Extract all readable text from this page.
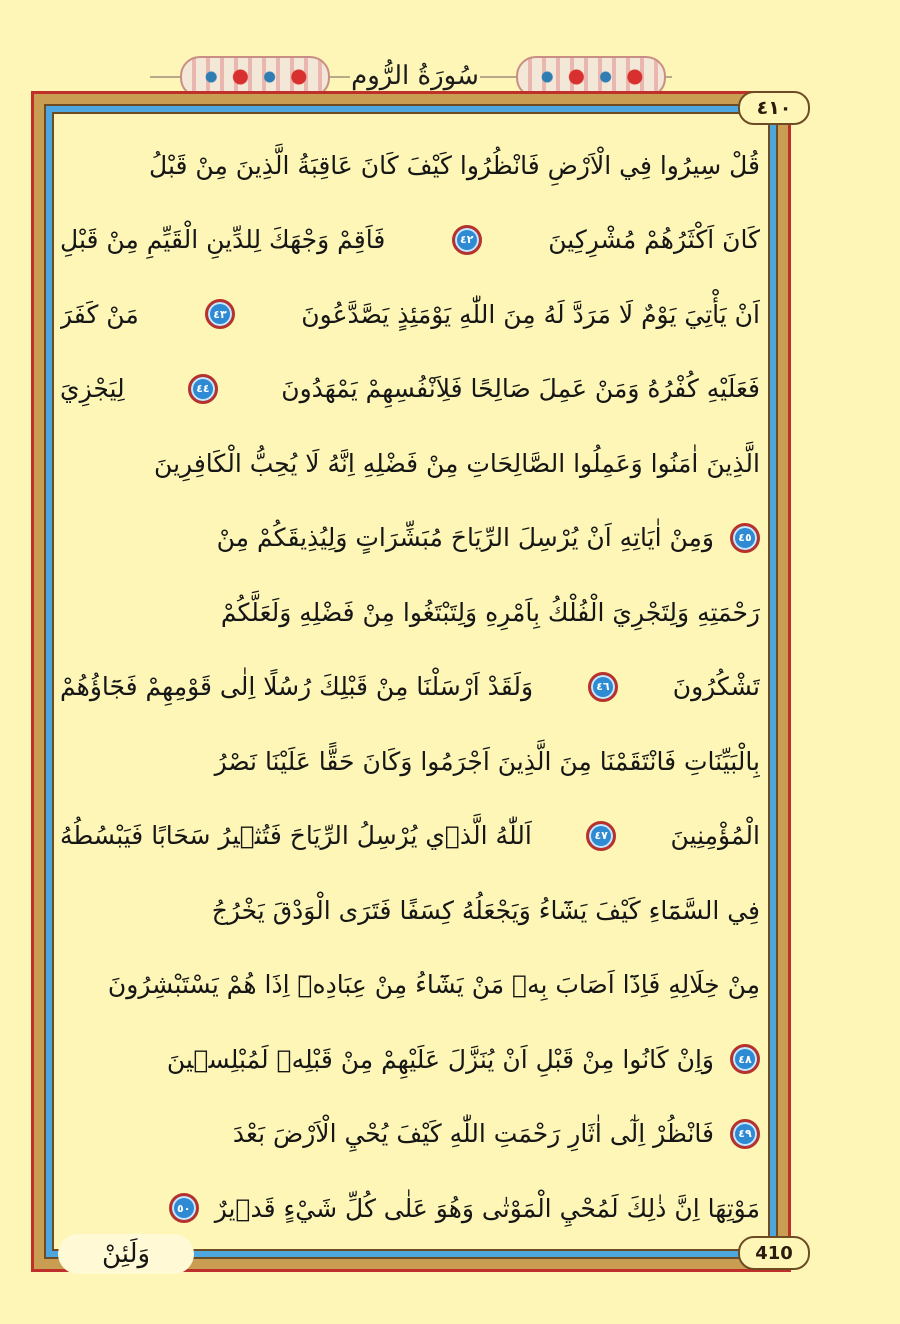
سُورَةُ الرُّومِ
٤١٠
قُلْ سِيرُوا فِي الْاَرْضِ فَانْظُرُوا كَيْفَ كَانَ عَاقِبَةُ الَّذِينَ مِنْ قَبْلُ
كَانَ اَكْثَرُهُمْ مُشْرِكِينَ
٤٢
فَاَقِمْ وَجْهَكَ لِلدِّينِ الْقَيِّمِ مِنْ قَبْلِ
اَنْ يَأْتِيَ يَوْمٌ لَا مَرَدَّ لَهُ مِنَ اللّٰهِ يَوْمَئِذٍ يَصَّدَّعُونَ
٤٣
مَنْ كَفَرَ
فَعَلَيْهِ كُفْرُهُ وَمَنْ عَمِلَ صَالِحًا فَلِاَنْفُسِهِمْ يَمْهَدُونَ
٤٤
لِيَجْزِيَ
الَّذِينَ اٰمَنُوا وَعَمِلُوا الصَّالِحَاتِ مِنْ فَضْلِهِ اِنَّهُ لَا يُحِبُّ الْكَافِرِينَ
٤٥
وَمِنْ اٰيَاتِهِ اَنْ يُرْسِلَ الرِّيَاحَ مُبَشِّرَاتٍ وَلِيُذِيقَكُمْ مِنْ
رَحْمَتِهِ وَلِتَجْرِيَ الْفُلْكُ بِاَمْرِهِ وَلِتَبْتَغُوا مِنْ فَضْلِهِ وَلَعَلَّكُمْ
تَشْكُرُونَ
٤٦
وَلَقَدْ اَرْسَلْنَا مِنْ قَبْلِكَ رُسُلًا اِلٰى قَوْمِهِمْ فَجَٓاؤُهُمْ
بِالْبَيِّنَاتِ فَانْتَقَمْنَا مِنَ الَّذِينَ اَجْرَمُوا وَكَانَ حَقًّا عَلَيْنَا نَصْرُ
الْمُؤْمِنِينَ
٤٧
اَللّٰهُ الَّذ۪ي يُرْسِلُ الرِّيَاحَ فَتُث۪يرُ سَحَابًا فَيَبْسُطُهُ
فِي السَّمَٓاءِ كَيْفَ يَشَٓاءُ وَيَجْعَلُهُ كِسَفًا فَتَرَى الْوَدْقَ يَخْرُجُ
مِنْ خِلَالِهِ فَاِذَٓا اَصَابَ بِه۪ مَنْ يَشَٓاءُ مِنْ عِبَادِه۪ٓ اِذَا هُمْ يَسْتَبْشِرُونَ
٤٨
وَاِنْ كَانُوا مِنْ قَبْلِ اَنْ يُنَزَّلَ عَلَيْهِمْ مِنْ قَبْلِه۪ لَمُبْلِس۪ينَ
٤٩
فَانْظُرْ اِلٰٓى اٰثَارِ رَحْمَتِ اللّٰهِ كَيْفَ يُحْيِ الْاَرْضَ بَعْدَ
مَوْتِهَا اِنَّ ذٰلِكَ لَمُحْيِ الْمَوْتٰى وَهُوَ عَلٰى كُلِّ شَيْءٍ قَد۪يرٌ
٥٠
410
وَلَئِنْ
